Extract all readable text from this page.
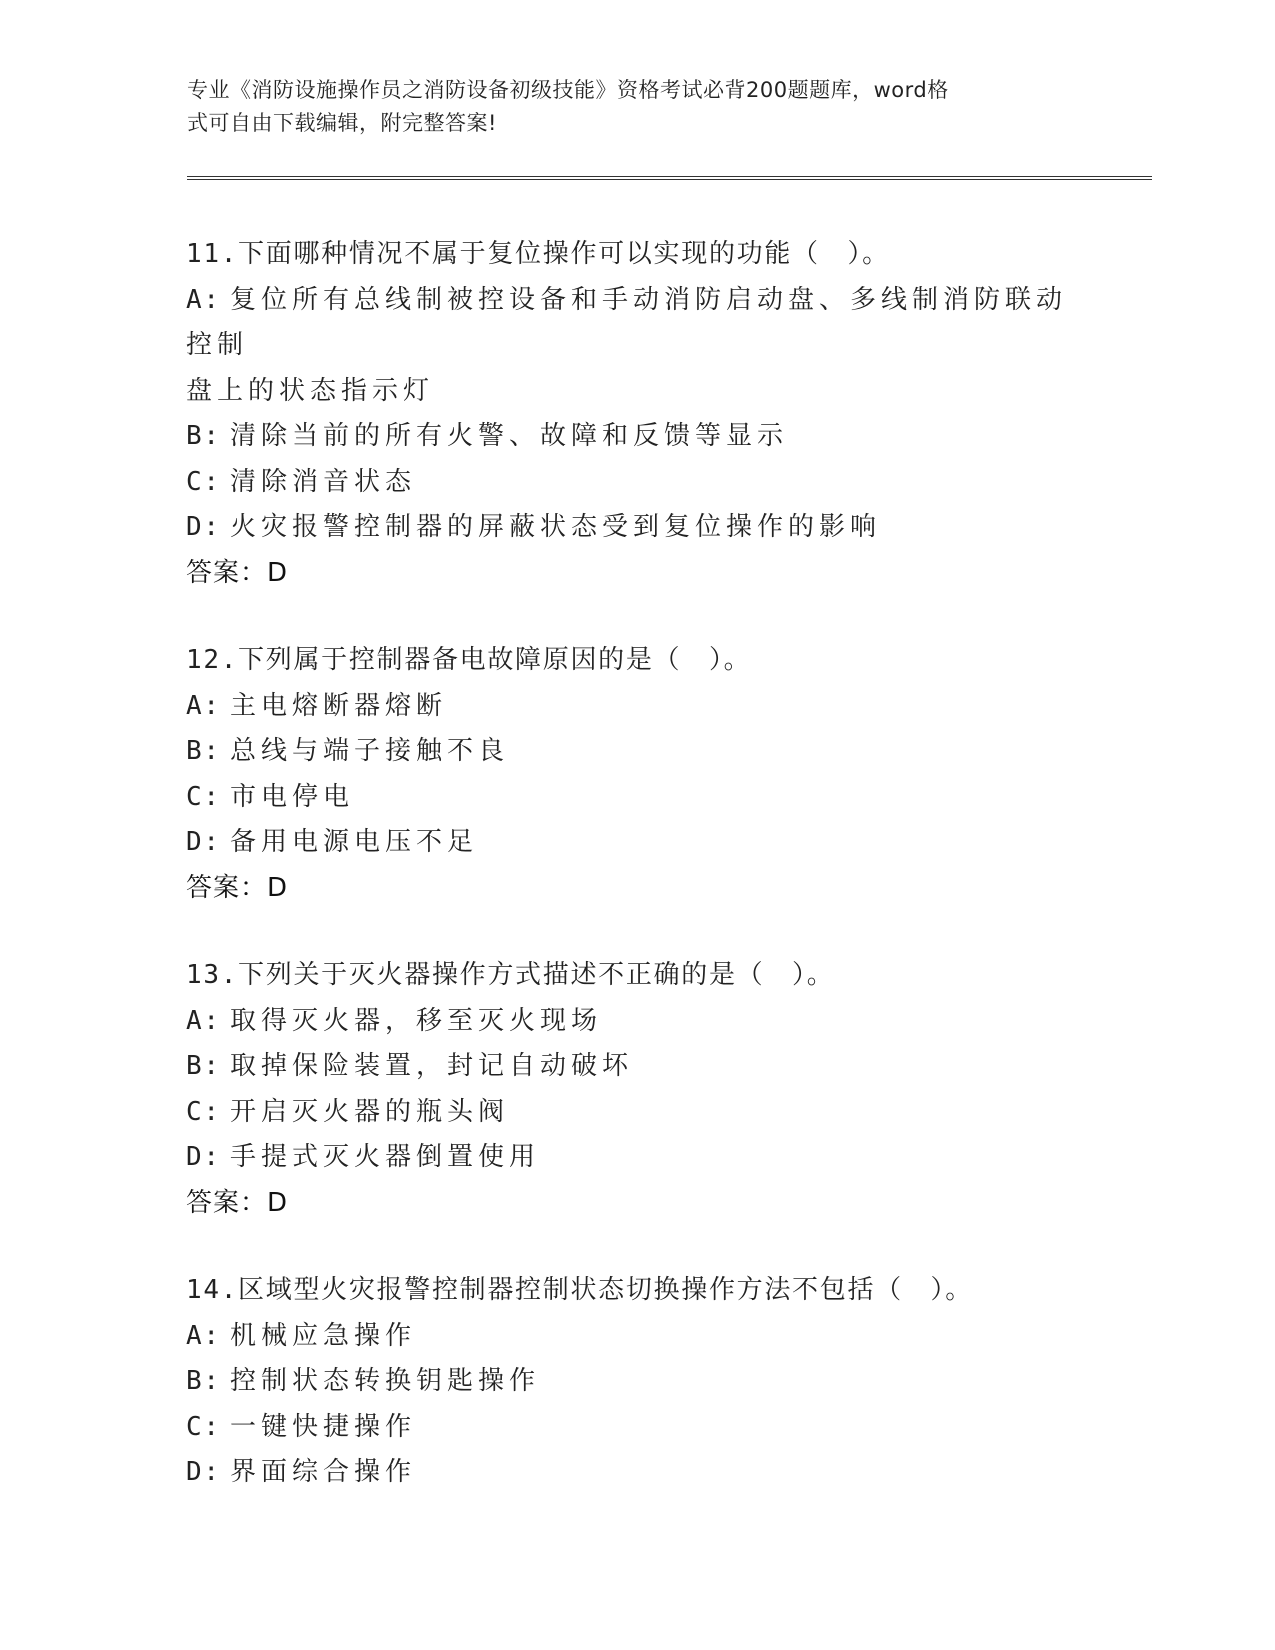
专业《消防设施操作员之消防设备初级技能》资格考试必背200题题库，word格
式可自由下载编辑，附完整答案!
11.下面哪种情况不属于复位操作可以实现的功能（　）。
A: 复位所有总线制被控设备和手动消防启动盘、多线制消防联动控制
盘上的状态指示灯
B: 清除当前的所有火警、故障和反馈等显示
C: 清除消音状态
D: 火灾报警控制器的屏蔽状态受到复位操作的影响
答案：D
12.下列属于控制器备电故障原因的是（　）。
A: 主电熔断器熔断
B: 总线与端子接触不良
C: 市电停电
D: 备用电源电压不足
答案：D
13.下列关于灭火器操作方式描述不正确的是（　）。
A: 取得灭火器，移至灭火现场
B: 取掉保险装置，封记自动破坏
C: 开启灭火器的瓶头阀
D: 手提式灭火器倒置使用
答案：D
14.区域型火灾报警控制器控制状态切换操作方法不包括（　）。
A: 机械应急操作
B: 控制状态转换钥匙操作
C: 一键快捷操作
D: 界面综合操作
